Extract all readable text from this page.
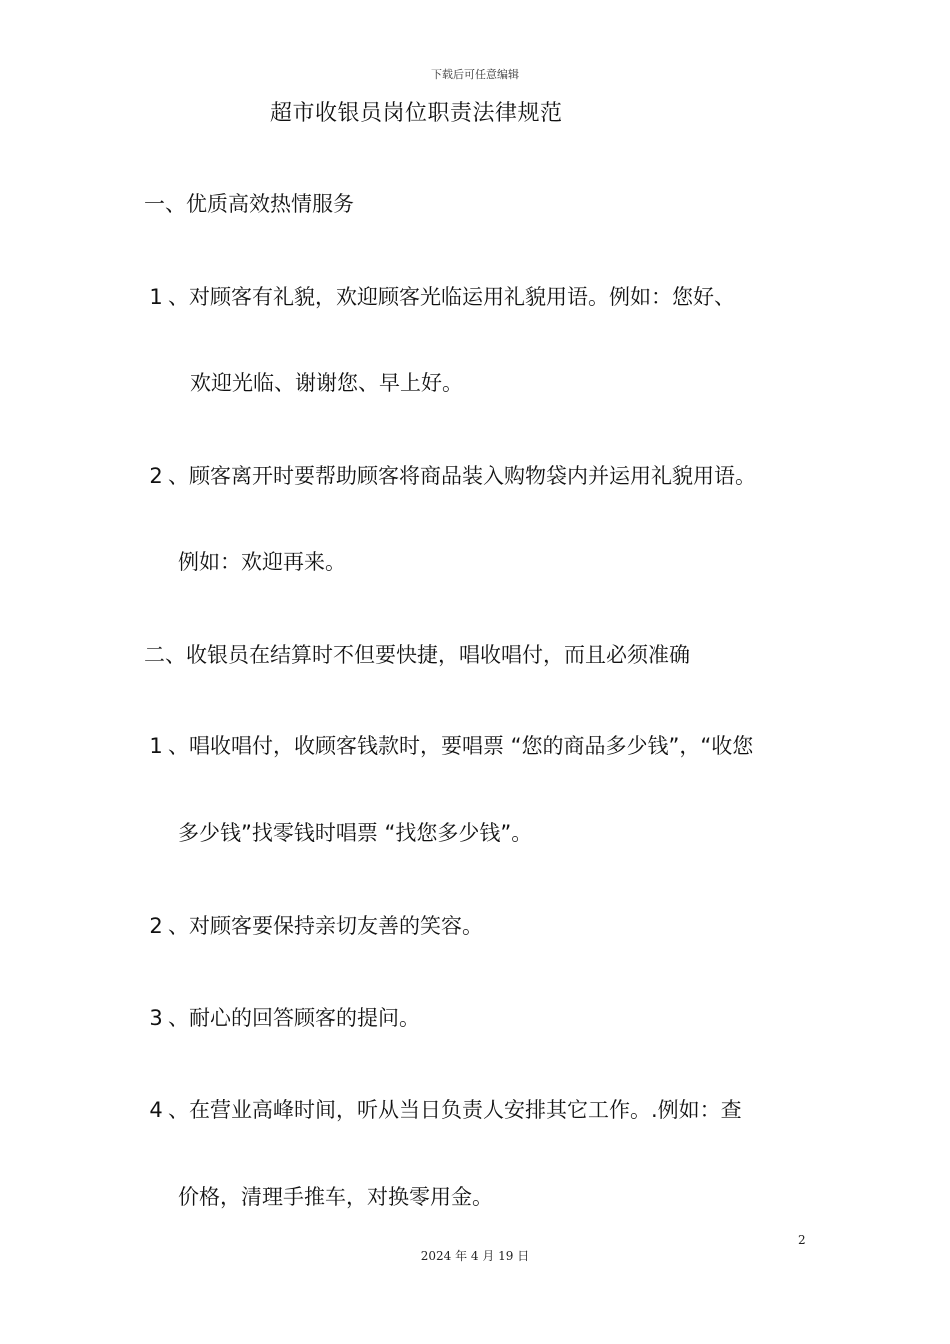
下载后可任意编辑
超市收银员岗位职责法律规范
一、优质高效热情服务
1 、对顾客有礼貌，欢迎顾客光临运用礼貌用语。例如：您好、
欢迎光临、谢谢您、早上好。
2 、顾客离开时要帮助顾客将商品装入购物袋内并运用礼貌用语。
例如：欢迎再来。
二、收银员在结算时不但要快捷，唱收唱付，而且必须准确
1 、唱收唱付，收顾客钱款时，要唱票 “您的商品多少钱”，“收您
多少钱”找零钱时唱票 “找您多少钱”。
2 、对顾客要保持亲切友善的笑容。
3 、耐心的回答顾客的提问。
4 、在营业高峰时间，听从当日负责人安排其它工作。.例如：查
价格，清理手推车，对换零用金。
2
2024 年 4 月 19 日
